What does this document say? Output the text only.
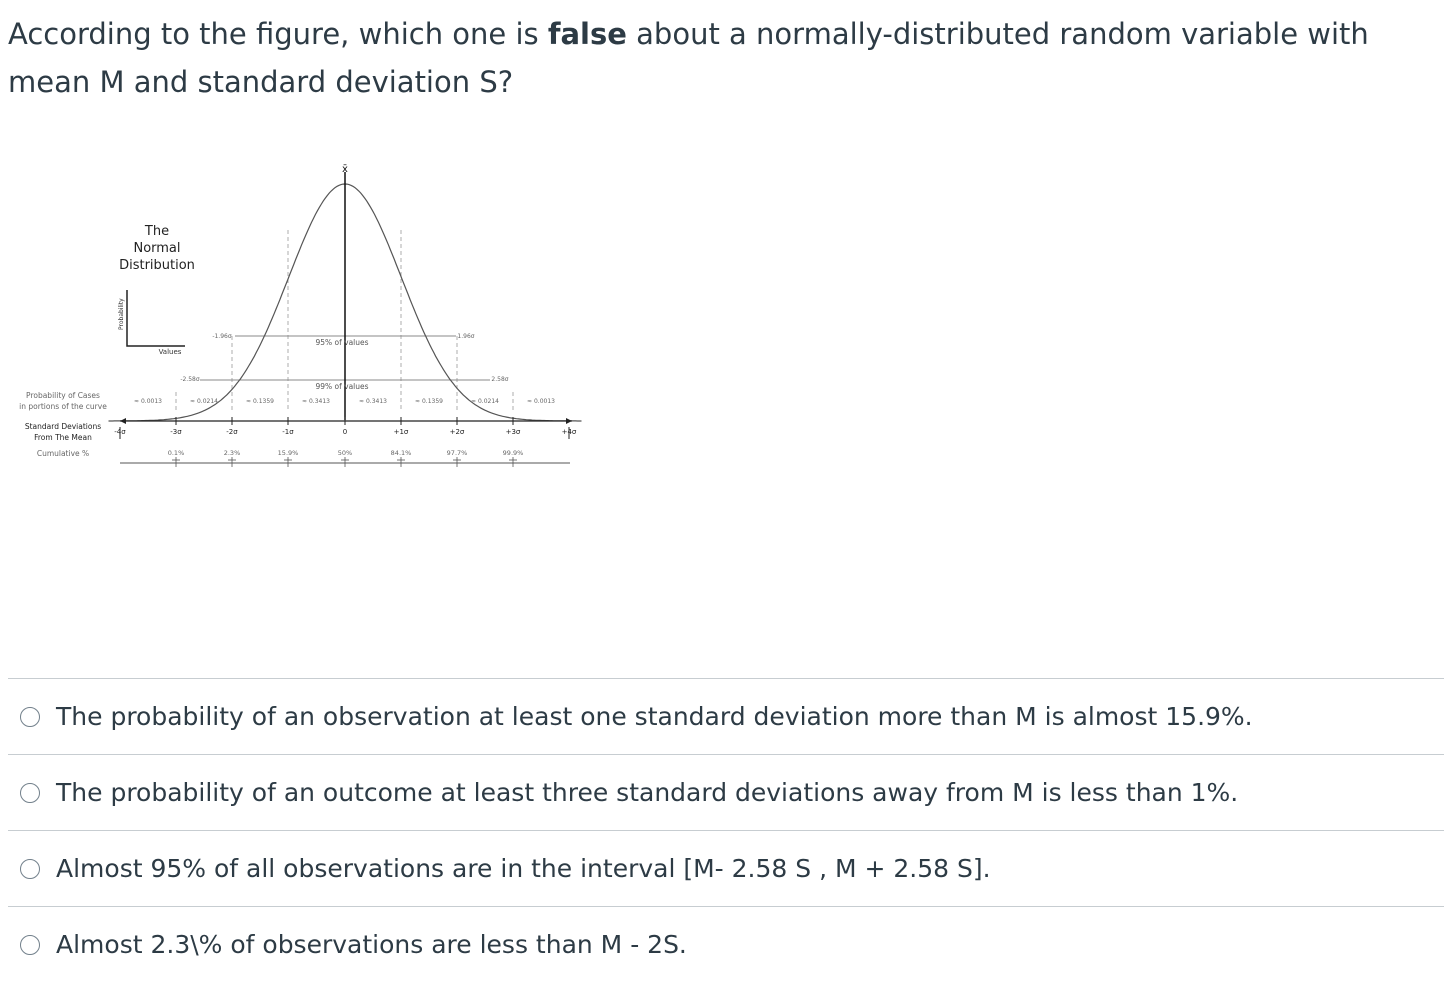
According to the figure, which one is false about a normally-distributed random variable with mean M and standard deviation S?
The
Normal
Distribution
Probability
Values
x̄
95% of values
99% of values
-1.96σ	1.96σ
-2.58σ	2.58σ
Probability of Cases
in portions of the curve
Standard Deviations
From The Mean
Cumulative %
≈ 0.0013	≈ 0.0214	≈ 0.1359	≈ 0.3413	≈ 0.3413	≈ 0.1359	≈ 0.0214	≈ 0.0013
-4σ	-3σ	-2σ	-1σ	0	+1σ	+2σ	+3σ	+4σ
0.1%	2.3%	15.9%	50%	84.1%	97.7%	99.9%
The probability of an observation at least one standard deviation more than M is almost 15.9%.
The probability of an outcome at least three standard deviations away from M is less than 1%.
Almost 95% of all observations are in the interval [M- 2.58 S , M + 2.58 S].
Almost 2.3\% of observations are less than M - 2S.
